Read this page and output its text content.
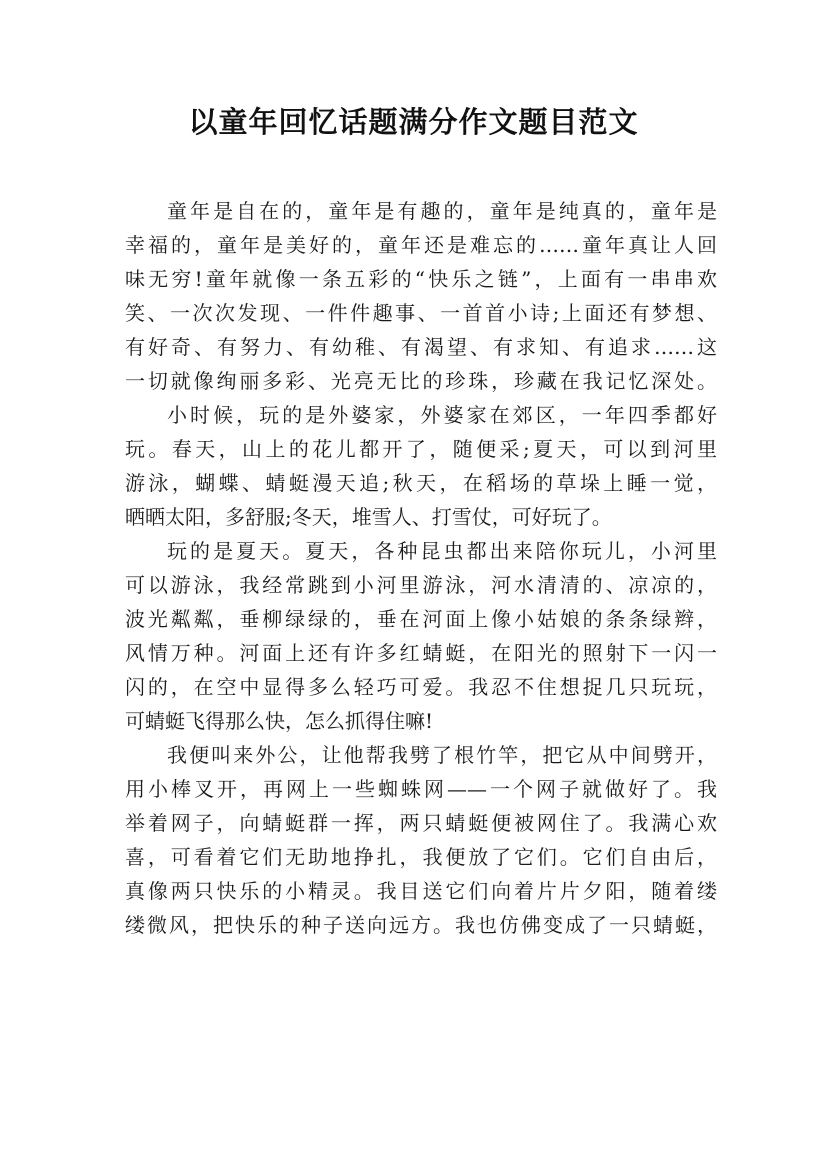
以童年回忆话题满分作文题目范文
童年是自在的，童年是有趣的，童年是纯真的，童年是
幸福的，童年是美好的，童年还是难忘的……童年真让人回
味无穷!童年就像一条五彩的“快乐之链”，上面有一串串欢
笑、一次次发现、一件件趣事、一首首小诗;上面还有梦想、
有好奇、有努力、有幼稚、有渴望、有求知、有追求……这
一切就像绚丽多彩、光亮无比的珍珠，珍藏在我记忆深处。
小时候，玩的是外婆家，外婆家在郊区，一年四季都好
玩。春天，山上的花儿都开了，随便采;夏天，可以到河里
游泳，蝴蝶、蜻蜓漫天追;秋天，在稻场的草垛上睡一觉，
晒晒太阳，多舒服;冬天，堆雪人、打雪仗，可好玩了。
玩的是夏天。夏天，各种昆虫都出来陪你玩儿，小河里
可以游泳，我经常跳到小河里游泳，河水清清的、凉凉的，
波光粼粼，垂柳绿绿的，垂在河面上像小姑娘的条条绿辫，
风情万种。河面上还有许多红蜻蜓，在阳光的照射下一闪一
闪的，在空中显得多么轻巧可爱。我忍不住想捉几只玩玩，
可蜻蜓飞得那么快，怎么抓得住嘛!
我便叫来外公，让他帮我劈了根竹竿，把它从中间劈开，
用小棒叉开，再网上一些蜘蛛网——一个网子就做好了。我
举着网子，向蜻蜓群一挥，两只蜻蜓便被网住了。我满心欢
喜，可看着它们无助地挣扎，我便放了它们。它们自由后，
真像两只快乐的小精灵。我目送它们向着片片夕阳，随着缕
缕微风，把快乐的种子送向远方。我也仿佛变成了一只蜻蜓，
